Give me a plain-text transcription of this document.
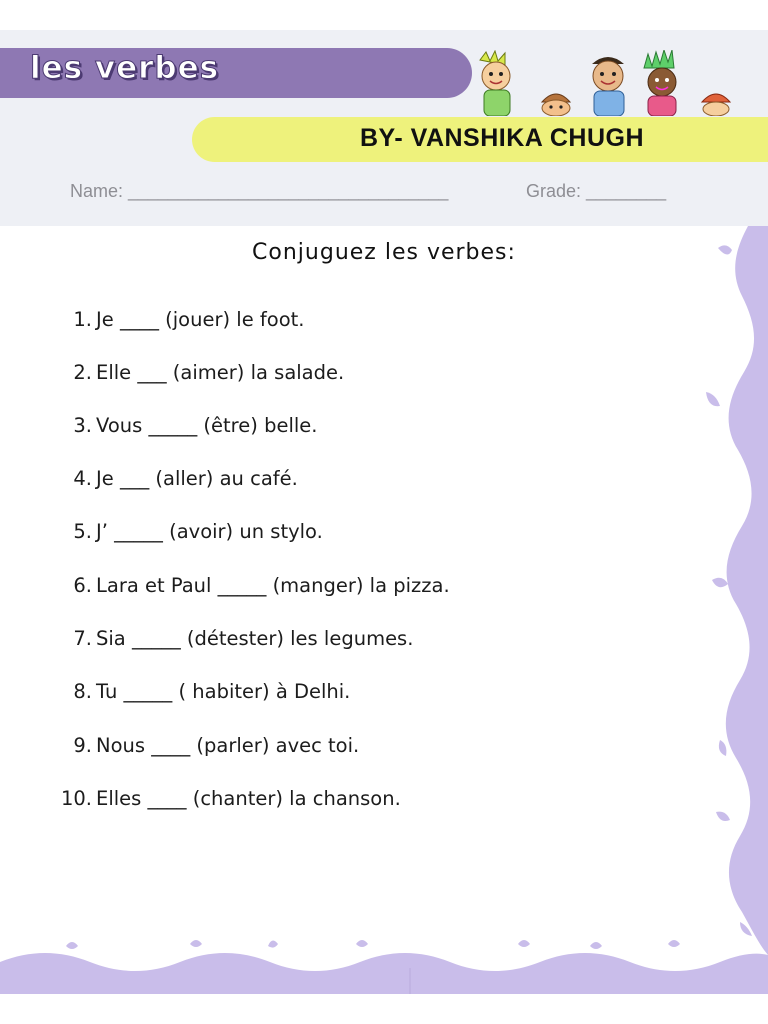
les verbes
BY- VANSHIKA CHUGH
Name: ________________________________	Grade: ________
Conjuguez les verbes:
1. Je ____ (jouer) le foot.
2. Elle ___ (aimer) la salade.
3. Vous _____ (être) belle.
4. Je ___ (aller) au café.
5. J’ _____ (avoir) un stylo.
6. Lara et Paul _____ (manger) la pizza.
7. Sia _____ (détester) les legumes.
8. Tu _____ ( habiter) à Delhi.
9. Nous ____ (parler) avec toi.
10. Elles ____ (chanter) la chanson.
